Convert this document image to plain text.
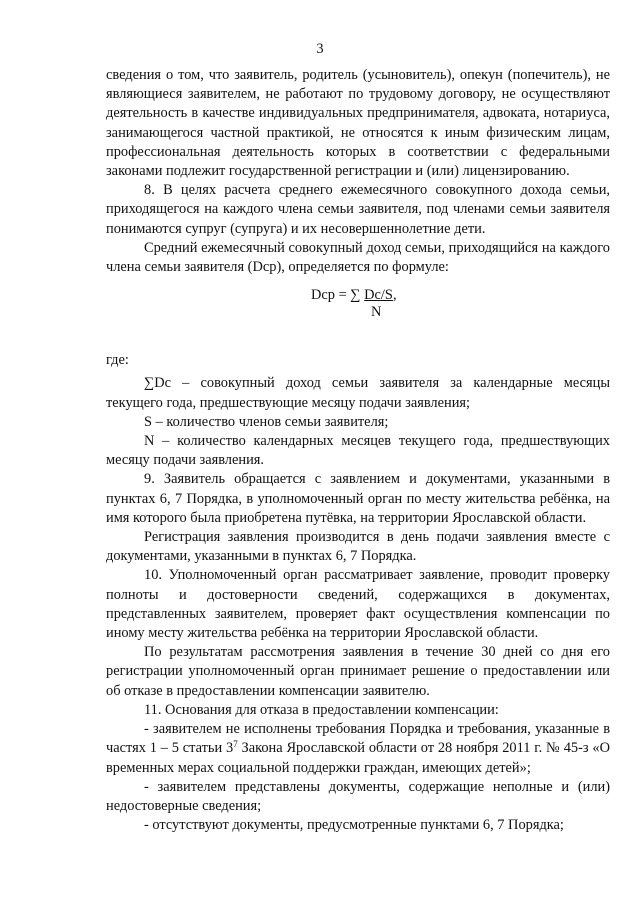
3

сведения о том, что заявитель, родитель (усыновитель), опекун (попечитель), не являющиеся заявителем, не работают по трудовому договору, не осуществляют деятельность в качестве индивидуальных предпринимателя, адвоката, нотариуса, занимающегося частной практикой, не относятся к иным физическим лицам, профессиональная деятельность которых в соответствии с федеральными законами подлежит государственной регистрации и (или) лицензированию.

8. В целях расчета среднего ежемесячного совокупного дохода семьи, приходящегося на каждого члена семьи заявителя, под членами семьи заявителя понимаются супруг (супруга) и их несовершеннолетние дети.

Средний ежемесячный совокупный доход семьи, приходящийся на каждого члена семьи заявителя (Dср), определяется по формуле:

Dср = ∑ Dс/S,
N

где:

∑Dс – совокупный доход семьи заявителя за календарные месяцы текущего года, предшествующие месяцу подачи заявления;

S – количество членов семьи заявителя;

N – количество календарных месяцев текущего года, предшествующих месяцу подачи заявления.

9. Заявитель обращается с заявлением и документами, указанными в пунктах 6, 7 Порядка, в уполномоченный орган по месту жительства ребёнка, на имя которого была приобретена путёвка, на территории Ярославской области.

Регистрация заявления производится в день подачи заявления вместе с документами, указанными в пунктах 6, 7 Порядка.

10. Уполномоченный орган рассматривает заявление, проводит проверку полноты и достоверности сведений, содержащихся в документах, представленных заявителем, проверяет факт осуществления компенсации по иному месту жительства ребёнка на территории Ярославской области.

По результатам рассмотрения заявления в течение 30 дней со дня его регистрации уполномоченный орган принимает решение о предоставлении или об отказе в предоставлении компенсации заявителю.

11. Основания для отказа в предоставлении компенсации:

- заявителем не исполнены требования Порядка и требования, указанные в частях 1 – 5 статьи $3^7$ Закона Ярославской области от 28 ноября 2011 г. № 45-з «О временных мерах социальной поддержки граждан, имеющих детей»;

- заявителем представлены документы, содержащие неполные и (или) недостоверные сведения;

- отсутствуют документы, предусмотренные пунктами 6, 7 Порядка;
